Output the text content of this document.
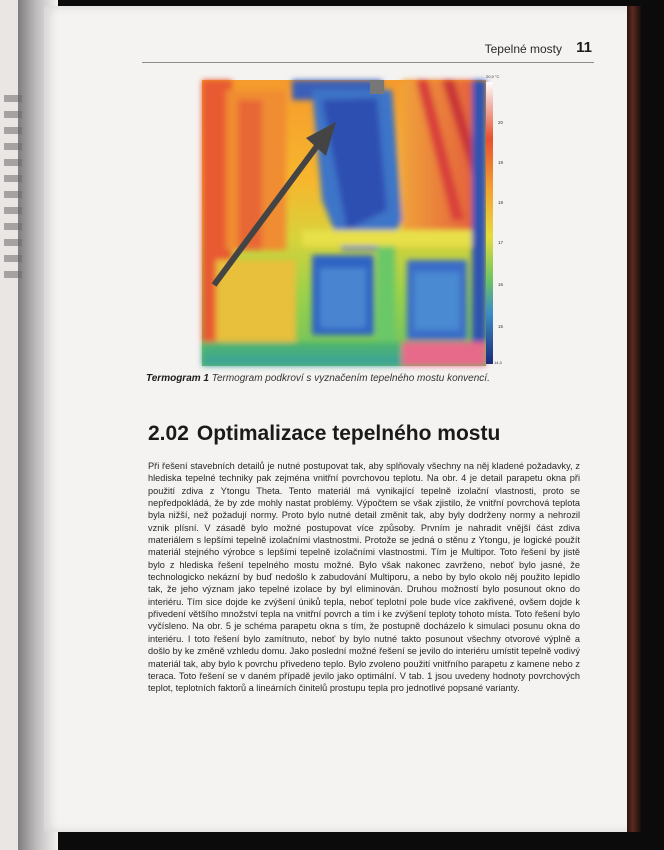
Tepelné mosty 11
20,9 °C
20
19
18
17
16
15
14,3
Termogram 1 Termogram podkroví s vyznačením tepelného mostu konvencí.
2.02 Optimalizace tepelného mostu
Při řešení stavebních detailů je nutné postupovat tak, aby splňovaly všechny na něj kladené požadavky, z hlediska tepelné techniky pak zejména vnitřní povrchovou teplotu. Na obr. 4 je detail parapetu okna při použití zdiva z Ytongu Theta. Tento materiál má vynikající tepelně izolační vlastnosti, proto se nepředpokládá, že by zde mohly nastat problémy. Výpočtem se však zjistilo, že vnitřní povrchová teplota byla nižší, než požadují normy. Proto bylo nutné detail změnit tak, aby byly dodrženy normy a nehrozil vznik plísní. V zásadě bylo možné postupovat více způsoby. Prvním je nahradit vnější část zdiva materiálem s lepšími tepelně izolačními vlastnostmi. Protože se jedná o stěnu z Ytongu, je logické použít materiál stejného výrobce s lepšími tepelně izolačními vlastnostmi. Tím je Multipor. Toto řešení by jistě bylo z hlediska řešení tepelného mostu možné. Bylo však nakonec zavrženo, neboť bylo jasné, že technologicko nekázní by buď nedošlo k zabudování Multiporu, a nebo by bylo okolo něj použito lepidlo tak, že jeho význam jako tepelné izolace by byl eliminován. Druhou možností bylo posunout okno do interiéru. Tím sice dojde ke zvýšení úniků tepla, neboť teplotní pole bude více zakřivené, ovšem dojde k přivedení většího množství tepla na vnitřní povrch a tím i ke zvýšení teploty tohoto místa. Toto řešení bylo vyčísleno. Na obr. 5 je schéma parapetu okna s tím, že postupně docházelo k simulaci posunu okna do interiéru. I toto řešení bylo zamítnuto, neboť by bylo nutné takto posunout všechny otvorové výplně a došlo by ke změně vzhledu domu. Jako poslední možné řešení se jevilo do interiéru umístit tepelně vodivý materiál tak, aby bylo k povrchu přivedeno teplo. Bylo zvoleno použití vnitřního parapetu z kamene nebo z teraca. Toto řešení se v daném případě jevilo jako optimální. V tab. 1 jsou uvedeny hodnoty povrchových teplot, teplotních faktorů a lineárních činitelů prostupu tepla pro jednotlivé popsané varianty.
